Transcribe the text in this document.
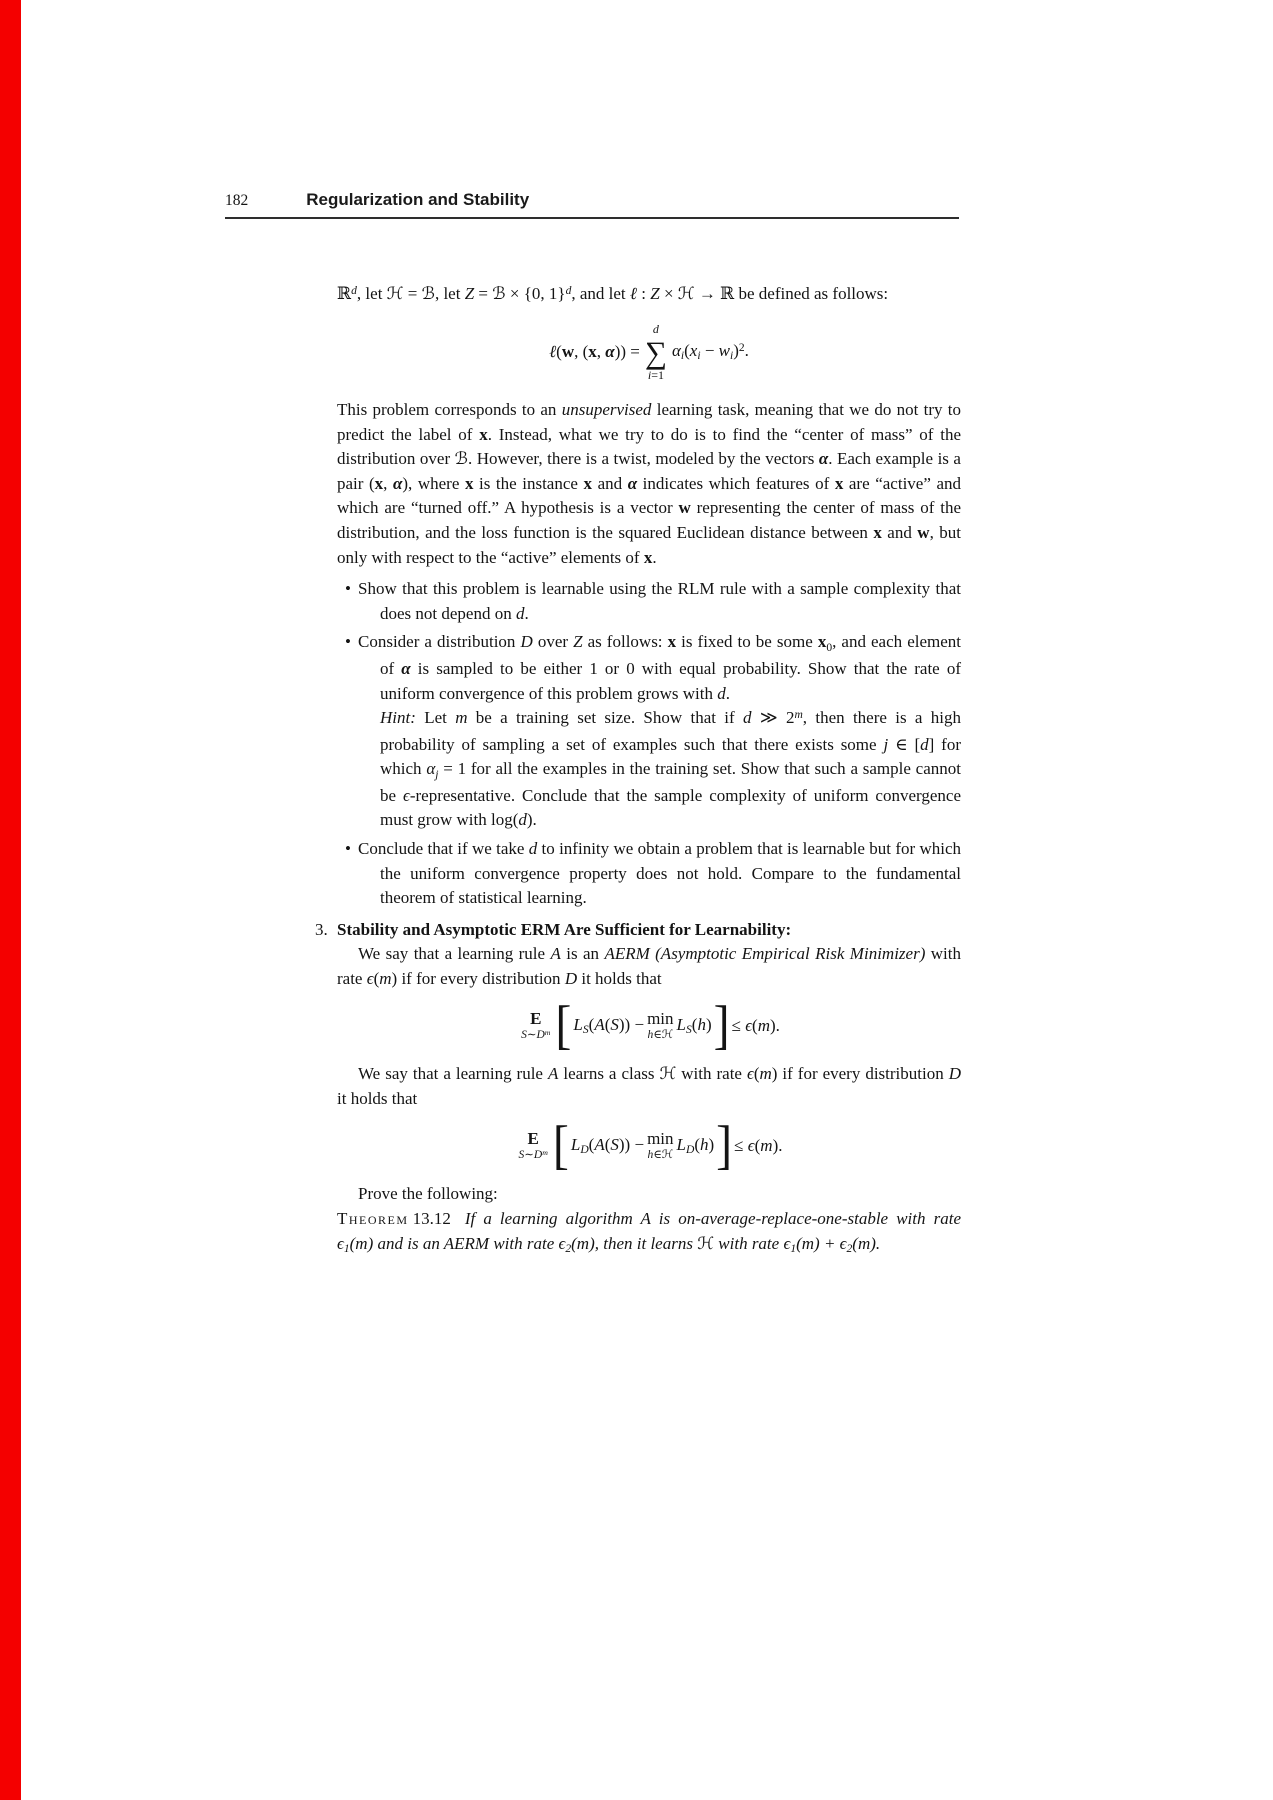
182	Regularization and Stability

ℝ$^d$, let ℋ = ℬ, let Z = ℬ × {0, 1}$^d$, and let ℓ : Z × ℋ → ℝ be defined as follows:

ℓ(w, (x, α)) =
d
∑
i=1
αi(xi − wi)$^2$.

This problem corresponds to an unsupervised learning task, meaning that we do not try to predict the label of x. Instead, what we try to do is to find the “center of mass” of the distribution over ℬ. However, there is a twist, modeled by the vectors α. Each example is a pair (x, α), where x is the instance x and α indicates which features of x are “active” and which are “turned off.” A hypothesis is a vector w representing the center of mass of the distribution, and the loss function is the squared Euclidean distance between x and w, but only with respect to the “active” elements of x.

• Show that this problem is learnable using the RLM rule with a sample complexity that does not depend on d.

• Consider a distribution D over Z as follows: x is fixed to be some x0, and each element of α is sampled to be either 1 or 0 with equal probability. Show that the rate of uniform convergence of this problem grows with d.

Hint: Let m be a training set size. Show that if d ≫ 2$^m$, then there is a high probability of sampling a set of examples such that there exists some j ∈ [d] for which αj = 1 for all the examples in the training set. Show that such a sample cannot be ϵ-representative. Conclude that the sample complexity of uniform convergence must grow with log(d).

• Conclude that if we take d to infinity we obtain a problem that is learnable but for which the uniform convergence property does not hold. Compare to the fundamental theorem of statistical learning.

3. Stability and Asymptotic ERM Are Sufficient for Learnability:

We say that a learning rule A is an AERM (Asymptotic Empirical Risk Minimizer) with rate ϵ(m) if for every distribution D it holds that

E
$S\sim D^m$ [ LS(A(S)) − min
h∈ℋ
LS(h) ] ≤ ϵ(m).

We say that a learning rule A learns a class ℋ with rate ϵ(m) if for every distribution D it holds that

E
$S\sim D^m$ [ LD(A(S)) − min
h∈ℋ
LD(h) ] ≤ ϵ(m).

Prove the following:

Theorem 13.12 If a learning algorithm A is on-average-replace-one-stable with rate ϵ1(m) and is an AERM with rate ϵ2(m), then it learns ℋ with rate ϵ1(m) + ϵ2(m).
